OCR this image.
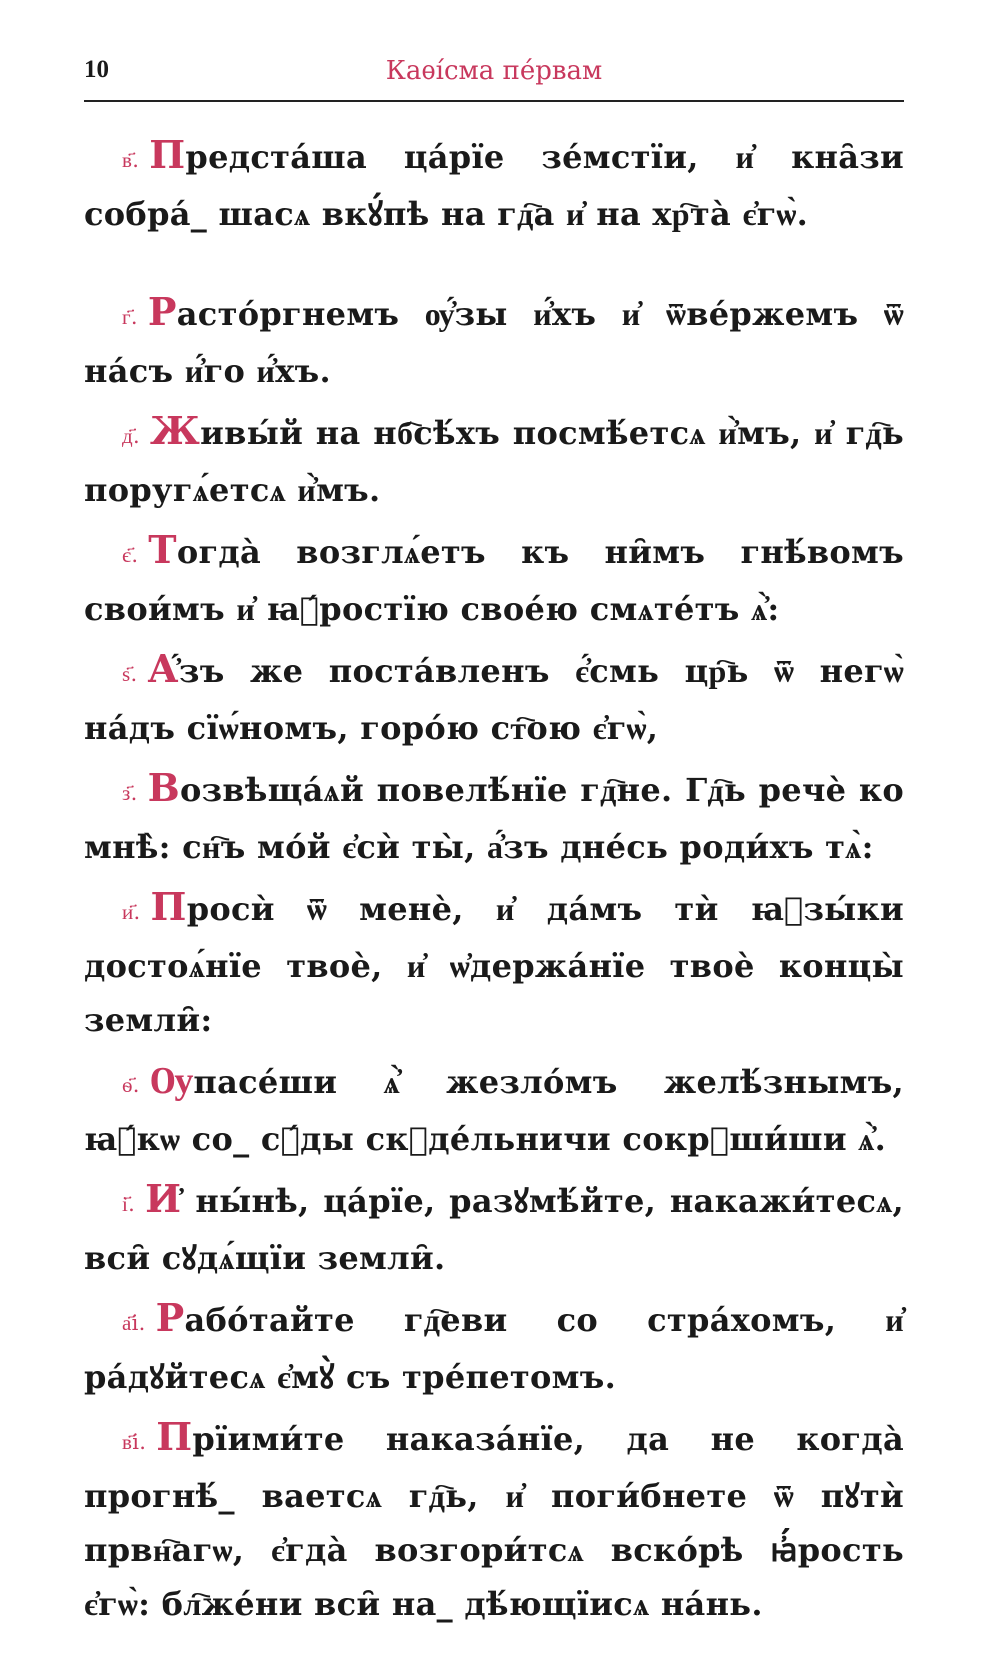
10	Каѳі́сма пе́рвам

в҃. Предста́ша ца́рїе зе́мстїи, и҆ кна̑зи собра́_ шасѧ вкꙋ́пѣ на гд҇а и҆ на хр҇та̀ є҆гѡ̀.

г҃. Расто́ргнемъ ѹ҆́зы и҆́хъ и҆ ѿве́ржемъ ѿ на́съ и҆́го и҆́хъ.

д҃. Живы́й на нб҇сѣ́хъ посмѣ́етсѧ и҆̀мъ, и҆ гд҇ь поругѧ́етсѧ и҆̀мъ.

є҃. Тогда̀ возглѧ́етъ къ ни̑мъ гнѣ́вомъ свои́мъ и҆ ꙗ҆́ростїю свое́ю смѧте́тъ ѧ҆̀:

ѕ҃. А҆́зъ же поста́вленъ є҆́смь цр҇ь ѿ негѡ̀ на́дъ сїѡ́номъ, горо́ю ст҇ою є҆гѡ̀,

з҃. Возвѣща́ѧй повелѣ́нїе гд҇не. Гд҇ь речѐ ко мнѣ̀: сн҇ъ мо́й є҆сѝ ты̀, а҆́зъ дне́сь роди́хъ тѧ̀:

и҃. Просѝ ѿ менѐ, и҆ да́мъ тѝ ꙗ҆зы́ки достоѧ́нїе твоѐ, и҆ ѡ҆держа́нїе твоѐ концы̀ земли̑:

ѳ҃. Ѹпасе́ши ѧ҆̀ жезло́мъ желѣ́знымъ, ꙗ҆́кѡ со_ сꙋ́ды скꙋде́льничи сокрꙋши́ши ѧ҆̀.

і҃. И҆ ны́нѣ, ца́рїе, разꙋмѣ́йте, накажи́тесѧ, вси̑ сꙋдѧ́щїи земли̑.

а҃і. Рабо́тайте гд҇еви со стра́хомъ, и҆ ра́дꙋйтесѧ є҆мꙋ̀ съ тре́петомъ.

в҃і. Прїими́те наказа́нїе, да не когда̀ прогнѣ́_ ваетсѧ гд҇ь, и҆ поги́бнете ѿ пꙋтѝ првн҇агѡ, є҆гда̀ возгори́тсѧ вско́рѣ ꙗ҆́рость є҆гѡ̀: бл҇же́ни вси̑ на_ дѣ́ющїисѧ на́нь.
